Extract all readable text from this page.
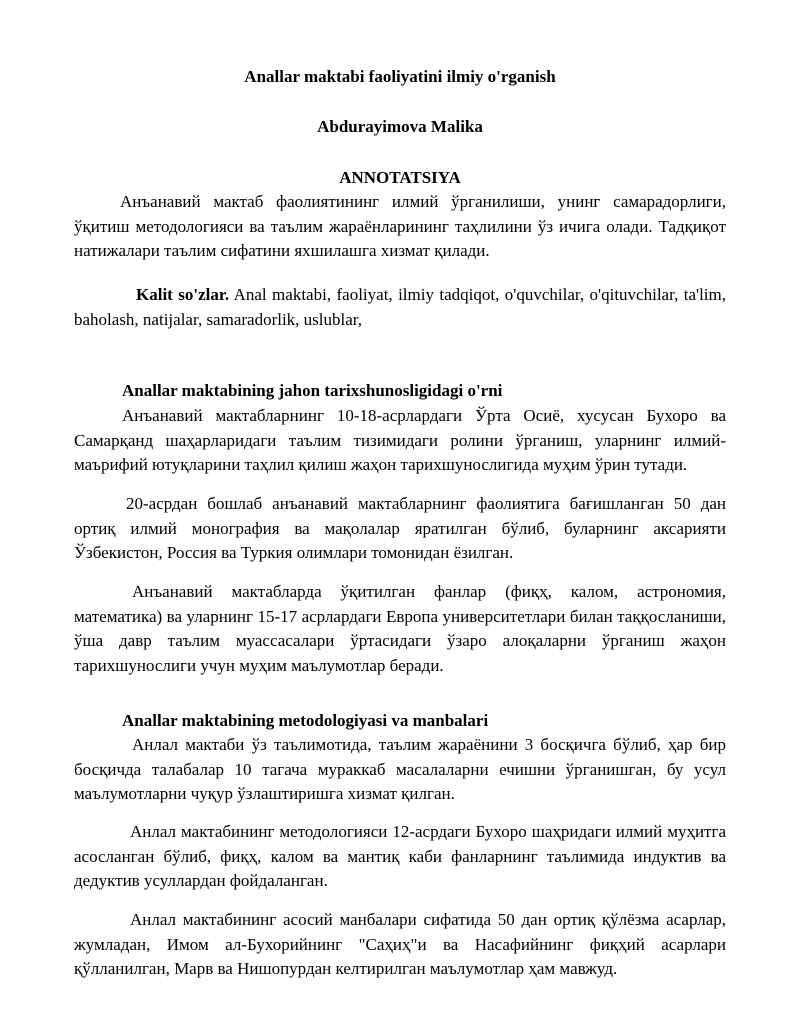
Anallar maktabi faoliyatini ilmiy o'rganish
Abdurayimova Malika
ANNOTATSIYA
Анъанавий мактаб фаолиятининг илмий ўрганилиши, унинг самарадорлиги, ўқитиш методологияси ва таълим жараёнларининг таҳлилини ўз ичига олади. Тадқиқот натижалари таълим сифатини яхшилашга хизмат қилади.
Kalit so'zlar. Anal maktabi, faoliyat, ilmiy tadqiqot, o'quvchilar, o'qituvchilar, ta'lim, baholash, natijalar, samaradorlik, uslublar,
Anallar maktabining jahon tarixshunosligidagi o'rni
Анъанавий мактабларнинг 10-18-асрлардаги Ўрта Осиё, хусусан Бухоро ва Самарқанд шаҳарларидаги таълим тизимидаги ролини ўрганиш, уларнинг илмий-маърифий ютуқларини таҳлил қилиш жаҳон тарихшунослигида муҳим ўрин тутади.
20-асрдан бошлаб анъанавий мактабларнинг фаолиятига бағишланган 50 дан ортиқ илмий монография ва мақолалар яратилган бўлиб, буларнинг аксарияти Ўзбекистон, Россия ва Туркия олимлари томонидан ёзилган.
Анъанавий мактабларда ўқитилган фанлар (фиқҳ, калом, астрономия, математика) ва уларнинг 15-17 асрлардаги Европа университетлари билан таққосланиши, ўша давр таълим муассасалари ўртасидаги ўзаро алоқаларни ўрганиш жаҳон тарихшунослиги учун муҳим маълумотлар беради.
Anallar maktabining metodologiyasi va manbalari
Анлал мактаби ўз таълимотида, таълим жараёнини 3 босқичга бўлиб, ҳар бир босқичда талабалар 10 тагача мураккаб масалаларни ечишни ўрганишган, бу усул маълумотларни чуқур ўзлаштиришга хизмат қилган.
Анлал мактабининг методологияси 12-асрдаги Бухоро шаҳридаги илмий муҳитга асосланган бўлиб, фиқҳ, калом ва мантиқ каби фанларнинг таълимида индуктив ва дедуктив усуллардан фойдаланган.
Анлал мактабининг асосий манбалари сифатида 50 дан ортиқ қўлёзма асарлар, жумладан, Имом ал-Бухорийнинг "Саҳиҳ"и ва Насафийнинг фиқҳий асарлари қўлланилган, Марв ва Нишопурдан келтирилган маълумотлар ҳам мавжуд.
